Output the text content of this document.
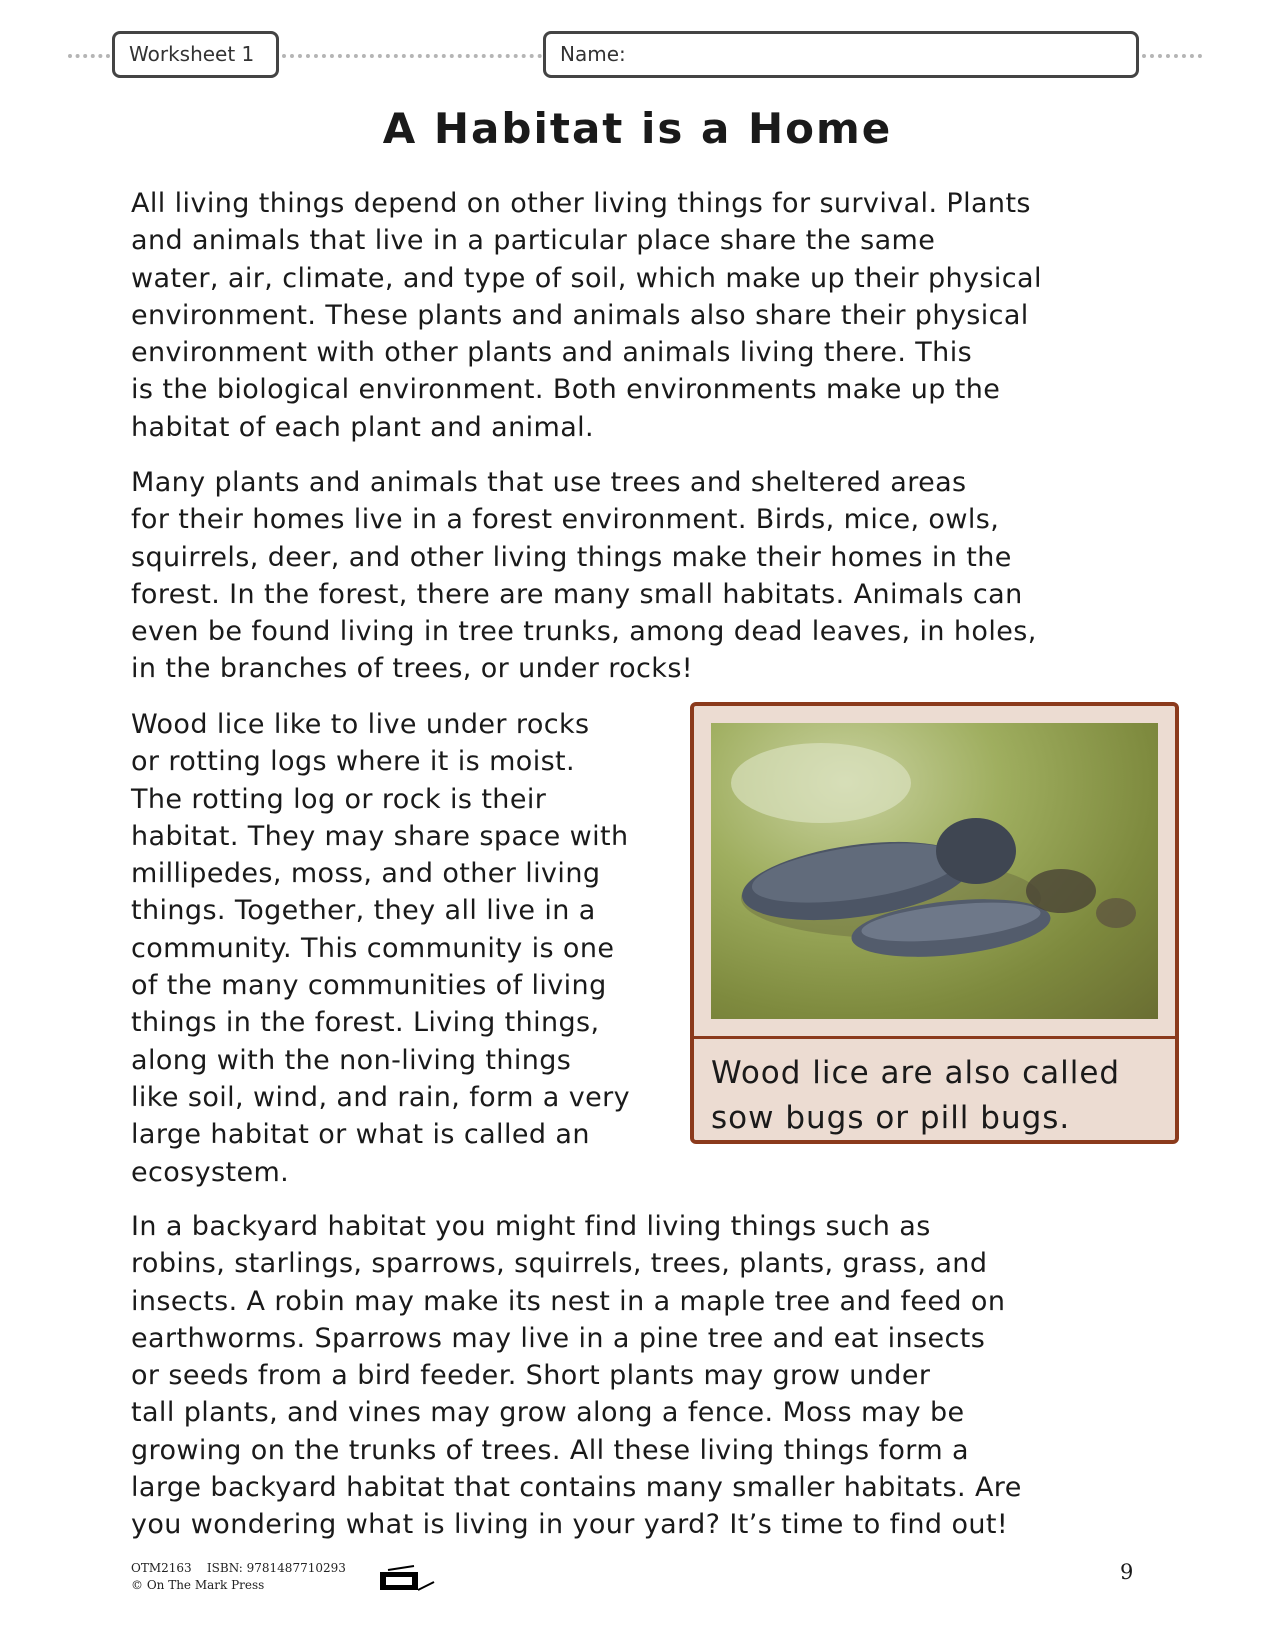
Worksheet 1	Name:
A Habitat is a Home
All living things depend on other living things for survival. Plants
and animals that live in a particular place share the same
water, air, climate, and type of soil, which make up their physical
environment. These plants and animals also share their physical
environment with other plants and animals living there. This
is the biological environment. Both environments make up the
habitat of each plant and animal.
Many plants and animals that use trees and sheltered areas
for their homes live in a forest environment. Birds, mice, owls,
squirrels, deer, and other living things make their homes in the
forest. In the forest, there are many small habitats. Animals can
even be found living in tree trunks, among dead leaves, in holes,
in the branches of trees, or under rocks!
Wood lice like to live under rocks
or rotting logs where it is moist.
The rotting log or rock is their
habitat. They may share space with
millipedes, moss, and other living
things. Together, they all live in a
community. This community is one
of the many communities of living
things in the forest. Living things,
along with the non-living things
like soil, wind, and rain, form a very
large habitat or what is called an
ecosystem.
In a backyard habitat you might find living things such as
robins, starlings, sparrows, squirrels, trees, plants, grass, and
insects. A robin may make its nest in a maple tree and feed on
earthworms. Sparrows may live in a pine tree and eat insects
or seeds from a bird feeder. Short plants may grow under
tall plants, and vines may grow along a fence. Moss may be
growing on the trunks of trees. All these living things form a
large backyard habitat that contains many smaller habitats. Are
you wondering what is living in your yard? It’s time to find out!
Wood lice are also called
sow bugs or pill bugs.
OTM2163    ISBN: 9781487710293
© On The Mark Press
9
